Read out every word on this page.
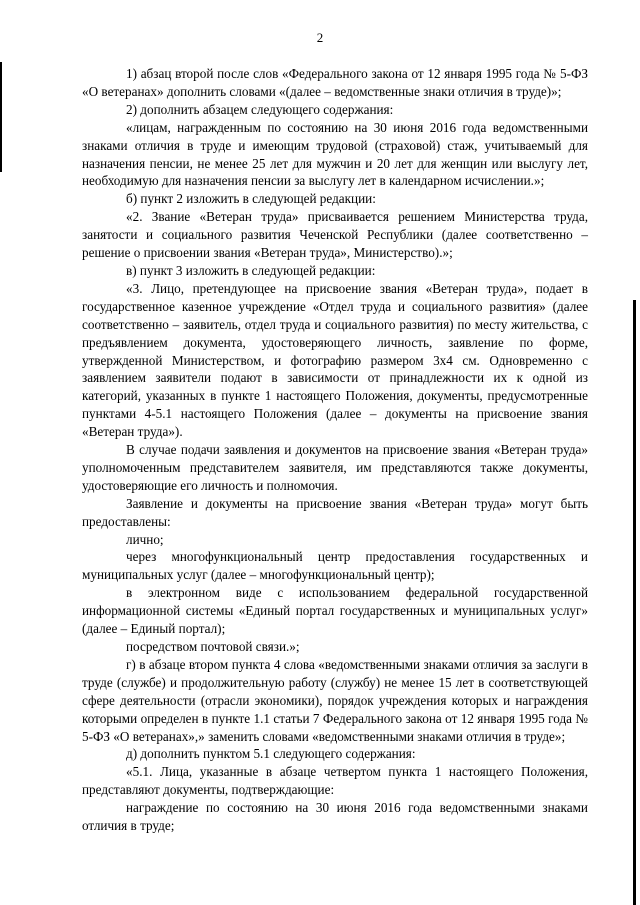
2

1) абзац второй после слов «Федерального закона от 12 января 1995 года № 5-ФЗ «О ветеранах» дополнить словами «(далее – ведомственные знаки отличия в труде)»;

2) дополнить абзацем следующего содержания:

«лицам, награжденным по состоянию на 30 июня 2016 года ведомственными знаками отличия в труде и имеющим трудовой (страховой) стаж, учитываемый для назначения пенсии, не менее 25 лет для мужчин и 20 лет для женщин или выслугу лет, необходимую для назначения пенсии за выслугу лет в календарном исчислении.»;

б) пункт 2 изложить в следующей редакции:

«2. Звание «Ветеран труда» присваивается решением Министерства труда, занятости и социального развития Чеченской Республики (далее соответственно – решение о присвоении звания «Ветеран труда», Министерство).»;

в) пункт 3 изложить в следующей редакции:

«3. Лицо, претендующее на присвоение звания «Ветеран труда», подает в государственное казенное учреждение «Отдел труда и социального развития» (далее соответственно – заявитель, отдел труда и социального развития) по месту жительства, с предъявлением документа, удостоверяющего личность, заявление по форме, утвержденной Министерством, и фотографию размером 3х4 см. Одновременно с заявлением заявители подают в зависимости от принадлежности их к одной из категорий, указанных в пункте 1 настоящего Положения, документы, предусмотренные пунктами 4-5.1 настоящего Положения (далее – документы на присвоение звания «Ветеран труда»).

В случае подачи заявления и документов на присвоение звания «Ветеран труда» уполномоченным представителем заявителя, им представляются также документы, удостоверяющие его личность и полномочия.

Заявление и документы на присвоение звания «Ветеран труда» могут быть предоставлены:

лично;

через многофункциональный центр предоставления государственных и муниципальных услуг (далее – многофункциональный центр);

в электронном виде с использованием федеральной государственной информационной системы «Единый портал государственных и муниципальных услуг» (далее – Единый портал);

посредством почтовой связи.»;

г) в абзаце втором пункта 4 слова «ведомственными знаками отличия за заслуги в труде (службе) и продолжительную работу (службу) не менее 15 лет в соответствующей сфере деятельности (отрасли экономики), порядок учреждения которых и награждения которыми определен в пункте 1.1 статьи 7 Федерального закона от 12 января 1995 года № 5-ФЗ «О ветеранах»,» заменить словами «ведомственными знаками отличия в труде»;

д) дополнить пунктом 5.1 следующего содержания:

«5.1. Лица, указанные в абзаце четвертом пункта 1 настоящего Положения, представляют документы, подтверждающие:

награждение по состоянию на 30 июня 2016 года ведомственными знаками отличия в труде;
